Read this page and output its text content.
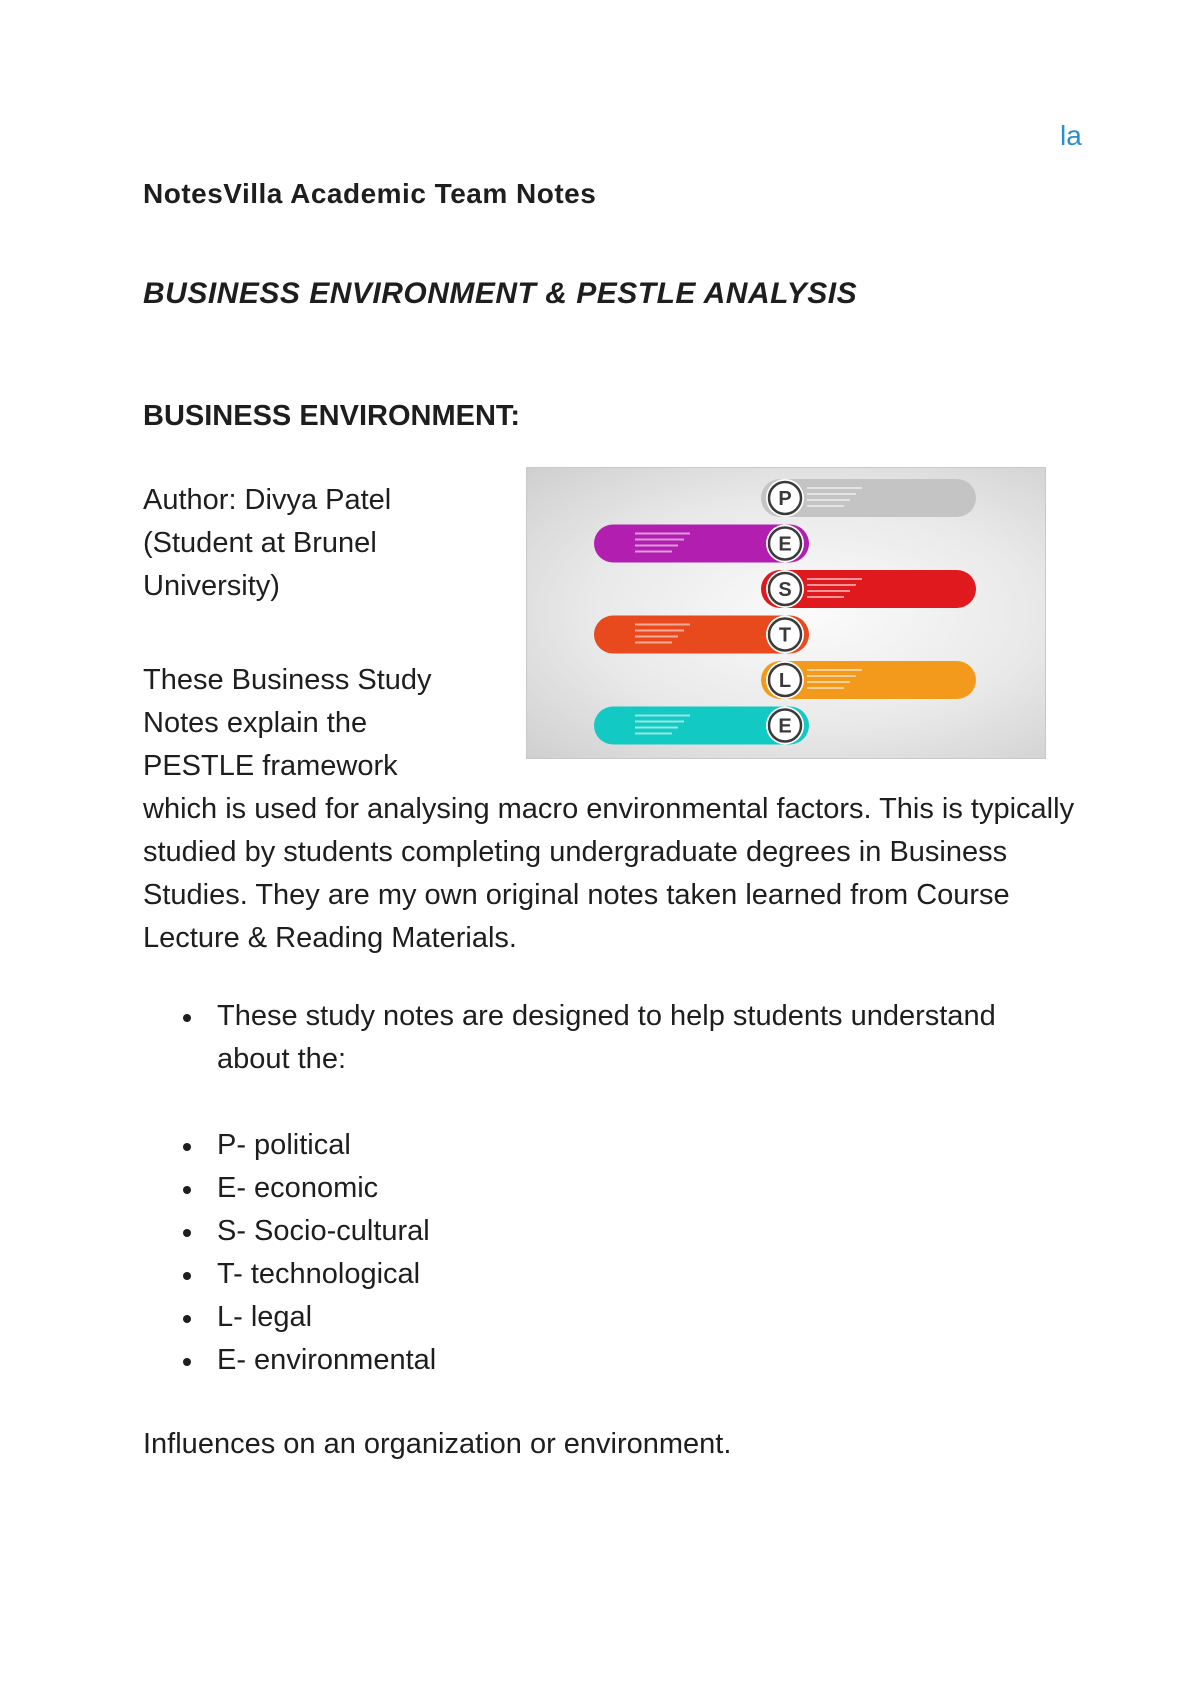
la
NotesVilla Academic Team Notes
BUSINESS ENVIRONMENT & PESTLE ANALYSIS
BUSINESS ENVIRONMENT:
Author: Divya Patel (Student at Brunel University)
P
E
S
T
L
E
These Business Study Notes explain the PESTLE framework
which is used for analysing macro environmental factors. This is typically studied by students completing undergraduate degrees in Business Studies. They are my own original notes taken learned from Course Lecture & Reading Materials.
These study notes are designed to help students understand about the:
P- political
E- economic
S- Socio-cultural
T- technological
L- legal
E- environmental
Influences on an organization or environment.
